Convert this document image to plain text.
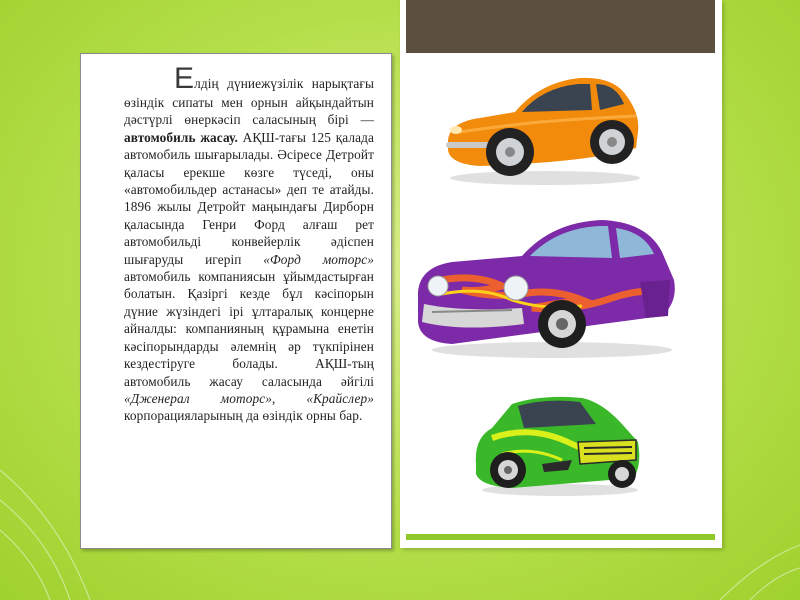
Елдің дүниежүзілік нарықтағы өзіндік сипаты мен орнын айқындайтын дәстүрлі өнеркәсіп саласының бірі — автомобиль жасау. АҚШ-тағы 125 қалада автомобиль шығарылады. Әсіресе Детройт қаласы ерекше көзге түседі, оны «автомобильдер астанасы» деп те атайды. 1896 жылы Детройт маңындағы Дирборн қаласында Генри Форд алғаш рет автомобильді конвейерлік әдіспен шығаруды игеріп «Форд моторс» автомобиль компаниясын ұйымдастырған болатын. Қазіргі кезде бұл кәсіпорын дүние жүзіндегі ірі ұлтаралық концерне айналды: компанияның құрамына енетін кәсіпорындарды әлемнің әр түкпірінен кездестіруге болады. АҚШ-тың автомобиль жасау саласында әйгілі «Дженерал моторс», «Крайслер» корпорацияларының да өзіндік орны бар.
